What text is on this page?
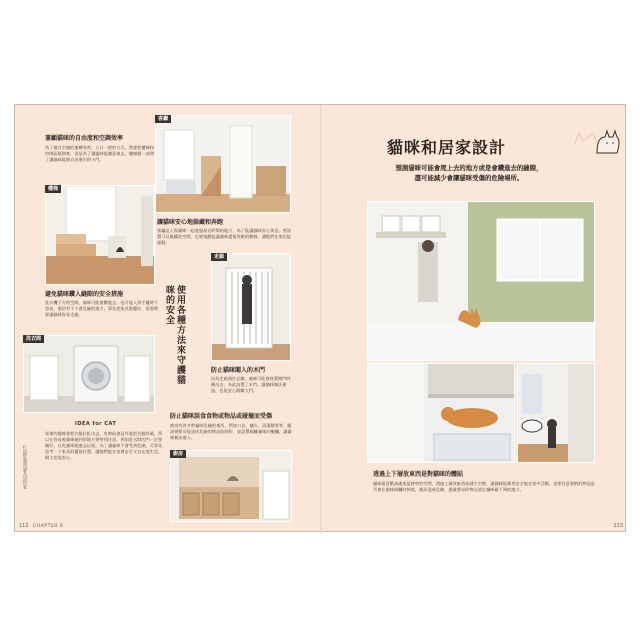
兼顧貓咪的自由度和空調效率
為了提升空調的運轉效率，入口一般的方式，我會把樓梯和房間區隔開來，但是為了讓貓咪能隨意來去，樓梯縫一部開了讓貓咪能夠自由進出的小門。
樓梯
避免貓咪鑽入縫隙的安全措施
洗衣機下方的空隙，貓咪可能會鑽進去，也可能入到手邊時不容易。衛浴有不少會危險的地方，事先把家具都擺好，需要時要讓貓咪容易走避。
洗衣間
IDEA for CAT
家裡的貓咪會把衣服拉扯出去，有時候會意外地把衣服咬破，所以在容易被貓咪碰到的地方要特別注意。例如洗衣間的門一定要關好，以免貓咪跑進去玩耍。為了讓貓咪不會受到危險，可事先思考一下家具的擺放位置，讓牠們能在家裡安全又自在地生活，飼主也能安心。
客廳
讓貓咪安心地躲藏和奔跑
客廳是人與貓咪一起度過最長時間的地方，為了能讓貓咪安心休息，要設置可以躲藏的空間，也要規劃能讓貓咪盡情奔跑的動線，讓牠們在家也能運動。
使用各種方法來守護貓咪的安全
走廊
防止貓咪闖入的木門
因為走廊通往玄關，貓咪可能會趁著開門時衝出去，為此設置了木門，讓貓咪無法通過，也能安心開關大門。
防止貓咪誤食食物或物品或碰撞而受傷
廚房有許多對貓咪危險的東西，例如刀具、爐火、清潔劑等等，應該要將可能造成危險的物品收納好，並設置隔離貓咪的柵欄，讓貓咪無法進入。
廚房
打造舒適與貓共居的家
112 CHAPTER 6
貓咪和居家設計
預測貓咪可能會爬上去的地方或是會鑽進去的縫隙，
盡可能減少會讓貓咪受傷的危險場所。
透過上下層放東西是對貓咪的體貼
貓咪最喜歡高處或是狹窄的空間，透過上層放東西或減少空隙，讓貓咪能夠更安全地在家中活動。也要注意收納的物品是否會在貓咪接觸時掉落，進而造成危險，盡量將易碎物品放在貓咪碰不到的地方。
113
